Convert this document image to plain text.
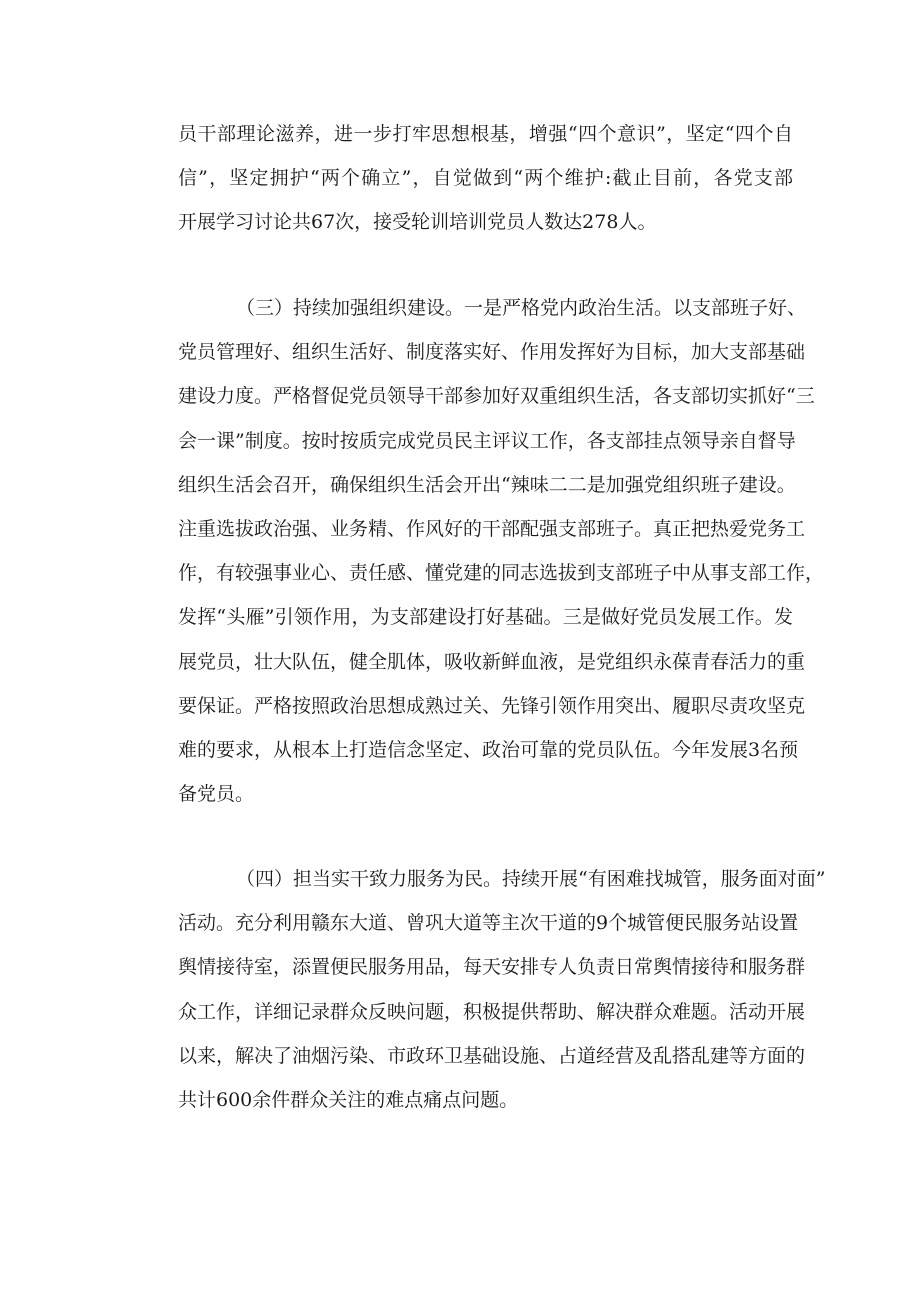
员干部理论滋养，进一步打牢思想根基，增强“四个意识”，坚定“四个自
信”，坚定拥护“两个确立”，自觉做到“两个维护:截止目前，各党支部
开展学习讨论共67次，接受轮训培训党员人数达278人。
（三）持续加强组织建设。一是严格党内政治生活。以支部班子好、
党员管理好、组织生活好、制度落实好、作用发挥好为目标，加大支部基础
建设力度。严格督促党员领导干部参加好双重组织生活，各支部切实抓好“三
会一课”制度。按时按质完成党员民主评议工作，各支部挂点领导亲自督导
组织生活会召开，确保组织生活会开出“辣味二二是加强党组织班子建设。
注重选拔政治强、业务精、作风好的干部配强支部班子。真正把热爱党务工
作，有较强事业心、责任感、懂党建的同志选拔到支部班子中从事支部工作，
发挥“头雁”引领作用，为支部建设打好基础。三是做好党员发展工作。发
展党员，壮大队伍，健全肌体，吸收新鲜血液，是党组织永葆青春活力的重
要保证。严格按照政治思想成熟过关、先锋引领作用突出、履职尽责攻坚克
难的要求，从根本上打造信念坚定、政治可靠的党员队伍。今年发展3名预
备党员。
（四）担当实干致力服务为民。持续开展“有困难找城管，服务面对面”
活动。充分利用赣东大道、曾巩大道等主次干道的9个城管便民服务站设置
舆情接待室，添置便民服务用品，每天安排专人负责日常舆情接待和服务群
众工作，详细记录群众反映问题，积极提供帮助、解决群众难题。活动开展
以来，解决了油烟污染、市政环卫基础设施、占道经营及乱搭乱建等方面的
共计600余件群众关注的难点痛点问题。
